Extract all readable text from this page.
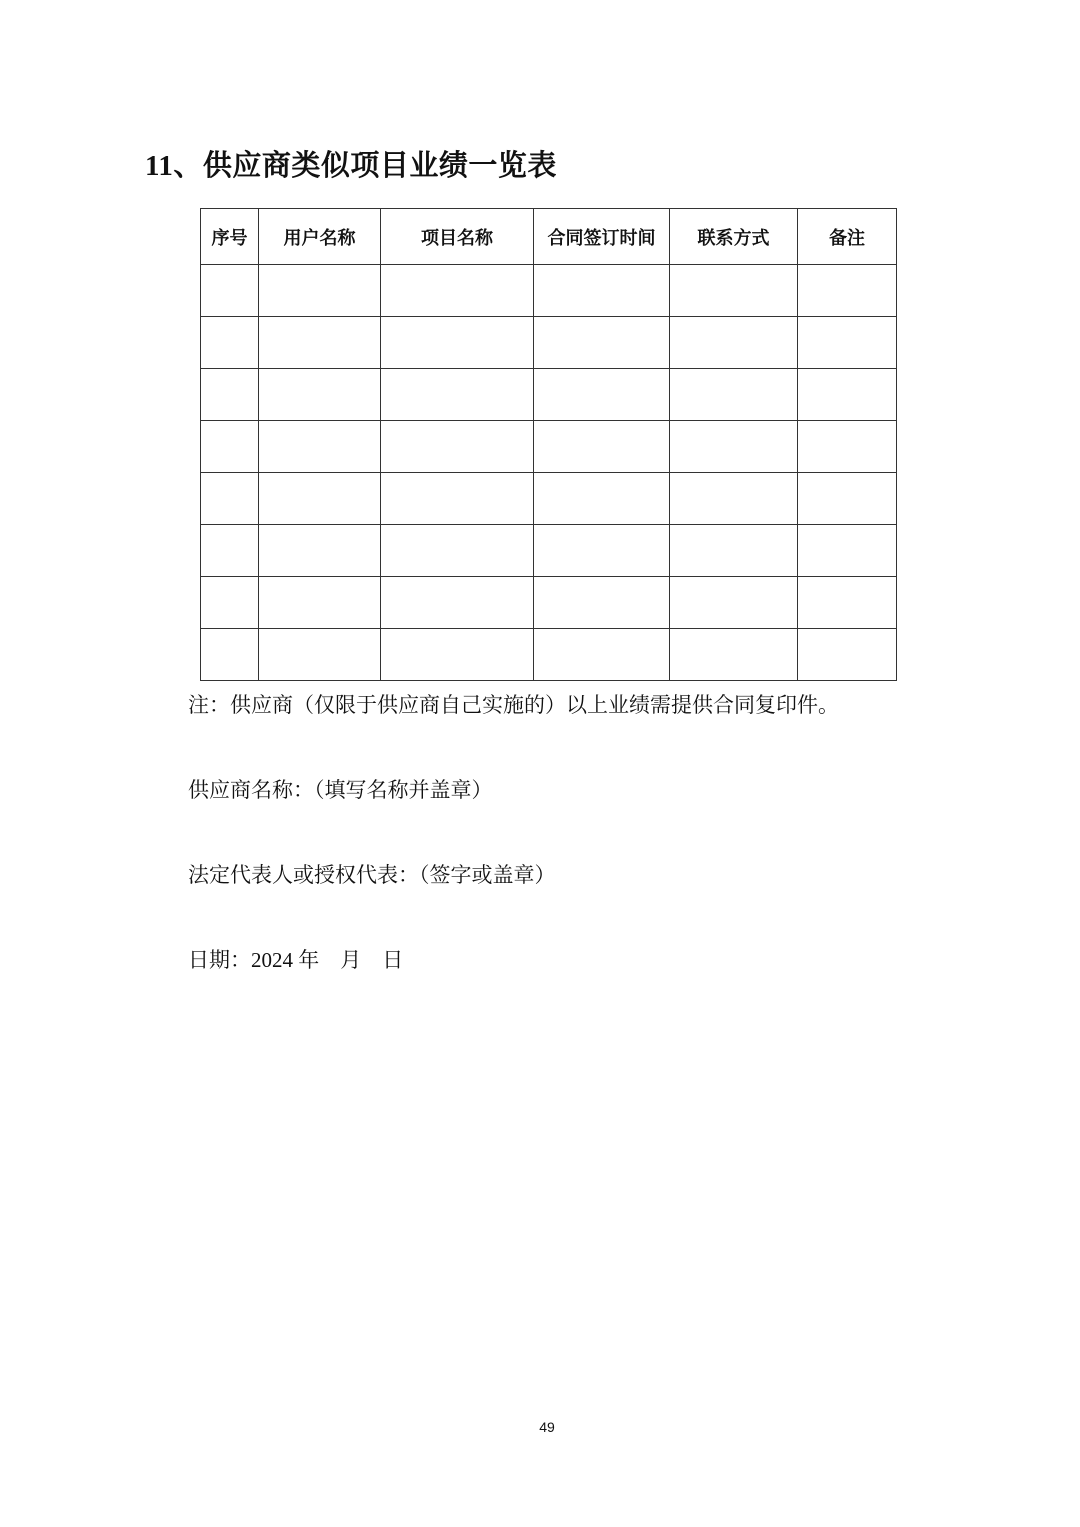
11、供应商类似项目业绩一览表
序号	用户名称	项目名称	合同签订时间	联系方式	备注

注：供应商（仅限于供应商自己实施的）以上业绩需提供合同复印件。
供应商名称：（填写名称并盖章）
法定代表人或授权代表：（签字或盖章）
日期：2024 年　月　日
49
